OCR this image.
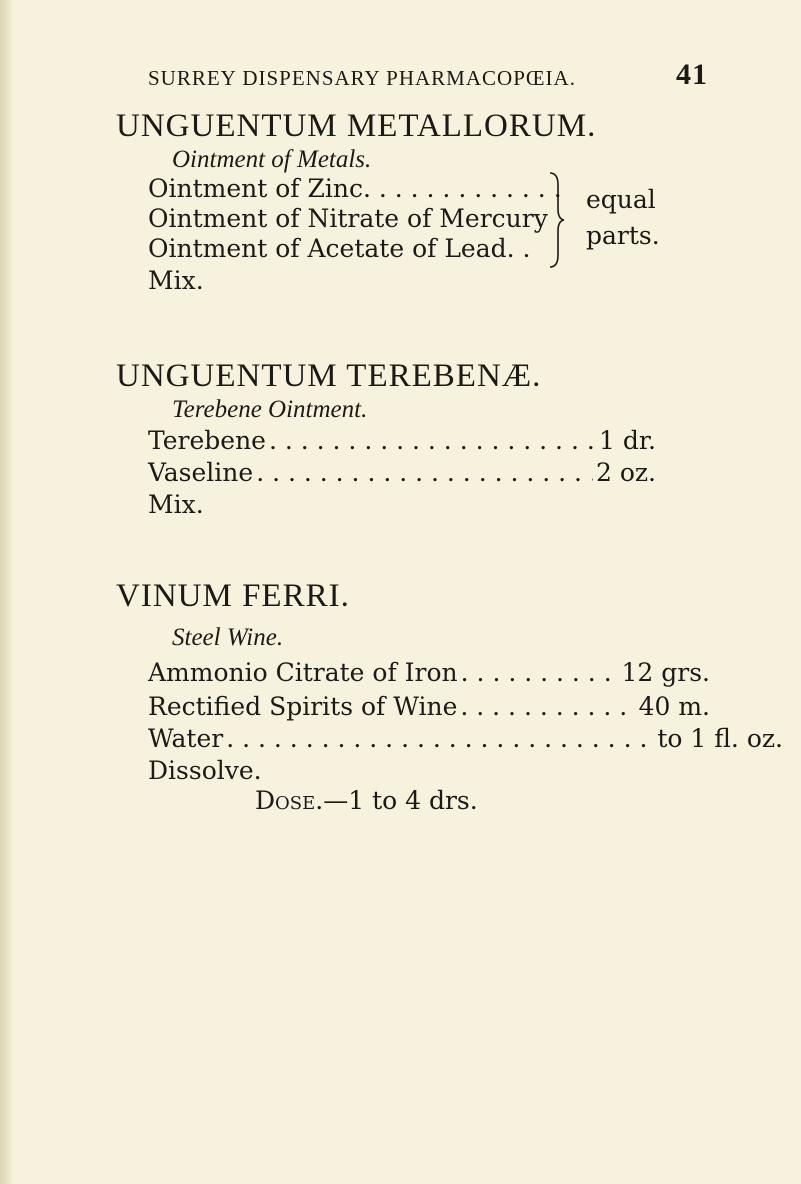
SURREY DISPENSARY PHARMACOPŒIA.	41
UNGUENTUM METALLORUM.
Ointment of Metals.
Ointment of Zinc. . . . . . . . . . . . .
Ointment of Nitrate of Mercury
Ointment of Acetate of Lead. .
equal
parts.
Mix.
UNGUENTUM TEREBENÆ.
Terebene Ointment.
Terebene . . .	1 dr.
Vaseline . . .	2 oz.
Mix.
VINUM FERRI.
Steel Wine.
Ammonio Citrate of Iron . . .	12 grs.
Rectified Spirits of Wine . . .	40 m.
Water . . .	to 1 fl. oz.
Dissolve.
Dose.—1 to 4 drs.
